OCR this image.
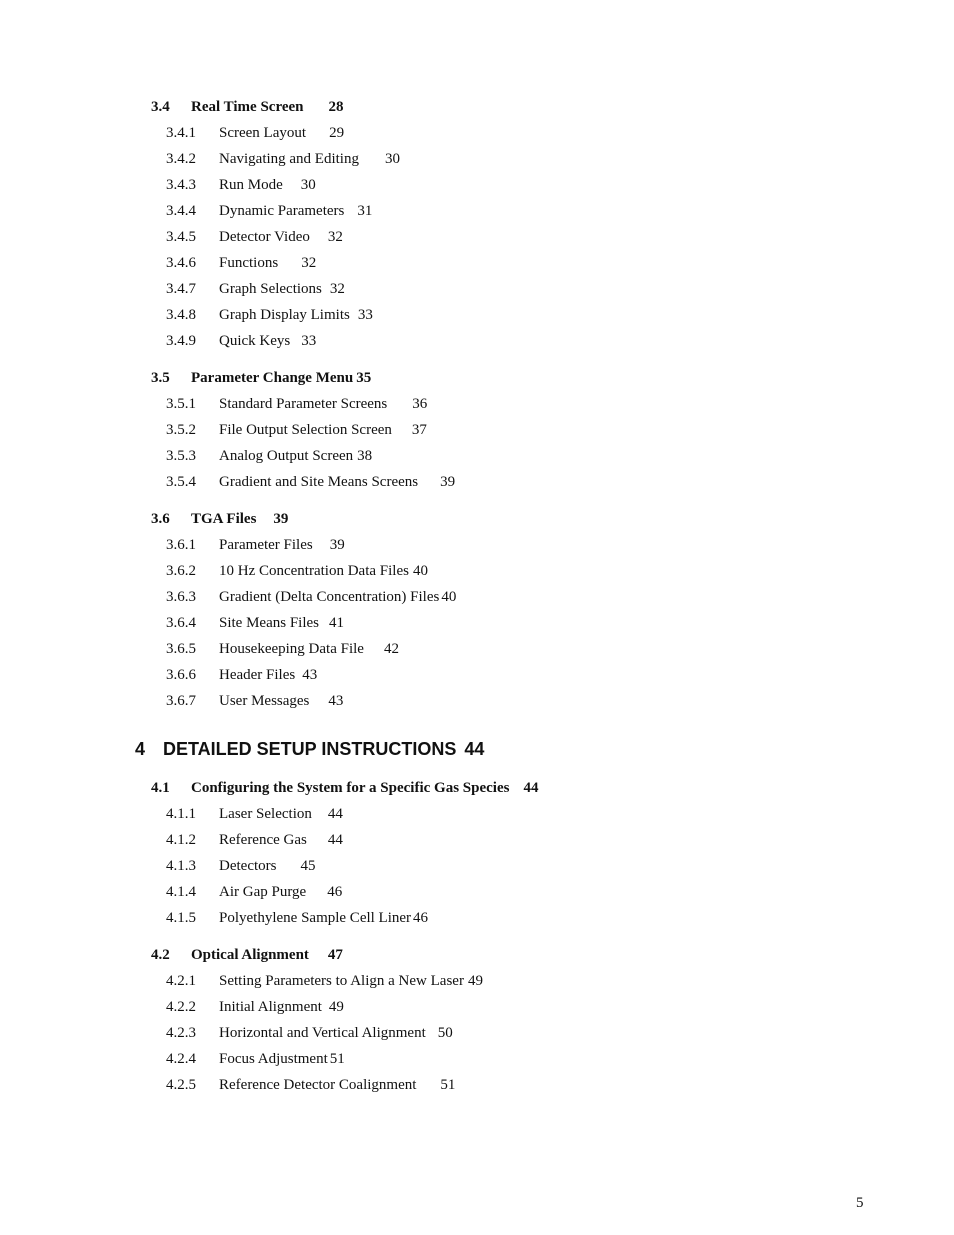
3.4 Real Time Screen 28
3.4.1 Screen Layout 29
3.4.2 Navigating and Editing 30
3.4.3 Run Mode 30
3.4.4 Dynamic Parameters 31
3.4.5 Detector Video 32
3.4.6 Functions 32
3.4.7 Graph Selections 32
3.4.8 Graph Display Limits 33
3.4.9 Quick Keys 33
3.5 Parameter Change Menu 35
3.5.1 Standard Parameter Screens 36
3.5.2 File Output Selection Screen 37
3.5.3 Analog Output Screen 38
3.5.4 Gradient and Site Means Screens 39
3.6 TGA Files 39
3.6.1 Parameter Files 39
3.6.2 10 Hz Concentration Data Files 40
3.6.3 Gradient (Delta Concentration) Files 40
3.6.4 Site Means Files 41
3.6.5 Housekeeping Data File 42
3.6.6 Header Files 43
3.6.7 User Messages 43
4 DETAILED SETUP INSTRUCTIONS 44
4.1 Configuring the System for a Specific Gas Species 44
4.1.1 Laser Selection 44
4.1.2 Reference Gas 44
4.1.3 Detectors 45
4.1.4 Air Gap Purge 46
4.1.5 Polyethylene Sample Cell Liner 46
4.2 Optical Alignment 47
4.2.1 Setting Parameters to Align a New Laser 49
4.2.2 Initial Alignment 49
4.2.3 Horizontal and Vertical Alignment 50
4.2.4 Focus Adjustment 51
4.2.5 Reference Detector Coalignment 51
5
